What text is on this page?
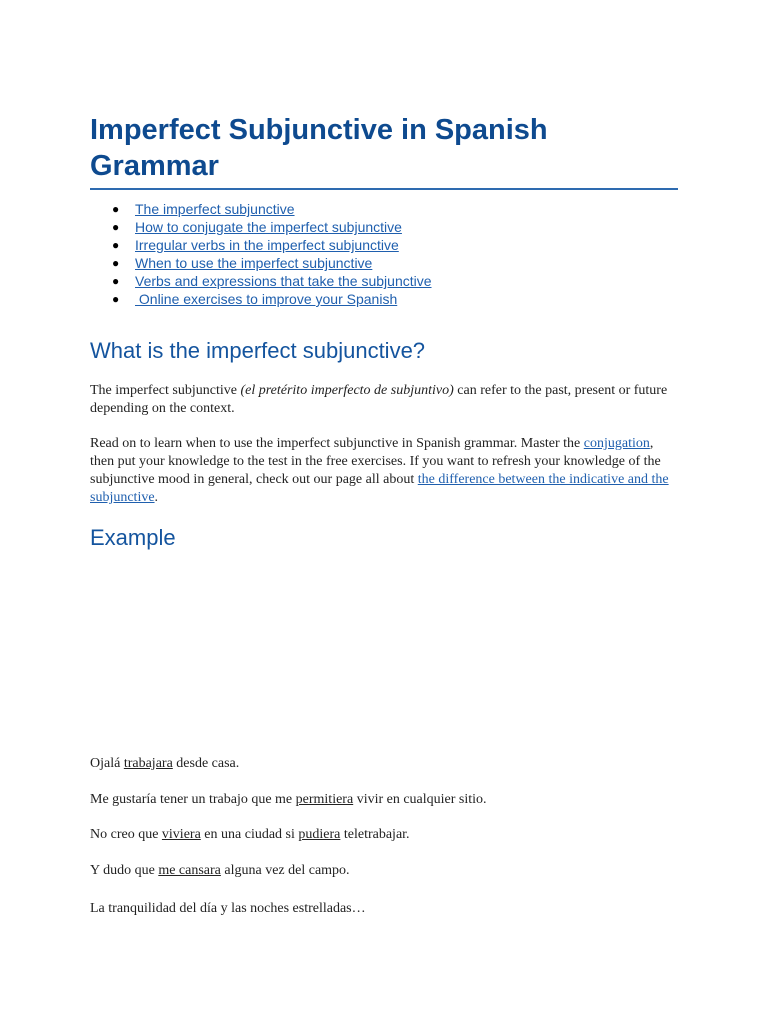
Imperfect Subjunctive in Spanish Grammar
● The imperfect subjunctive
● How to conjugate the imperfect subjunctive
● Irregular verbs in the imperfect subjunctive
● When to use the imperfect subjunctive
● Verbs and expressions that take the subjunctive
● Online exercises to improve your Spanish
What is the imperfect subjunctive?

The imperfect subjunctive (el pretérito imperfecto de subjuntivo) can refer to the past, present or future depending on the context.

Read on to learn when to use the imperfect subjunctive in Spanish grammar. Master the conjugation, then put your knowledge to the test in the free exercises. If you want to refresh your knowledge of the subjunctive mood in general, check out our page all about the difference between the indicative and the subjunctive.

Example

Ojalá trabajara desde casa.

Me gustaría tener un trabajo que me permitiera vivir en cualquier sitio.

No creo que viviera en una ciudad si pudiera teletrabajar.

Y dudo que me cansara alguna vez del campo.

La tranquilidad del día y las noches estrelladas…
